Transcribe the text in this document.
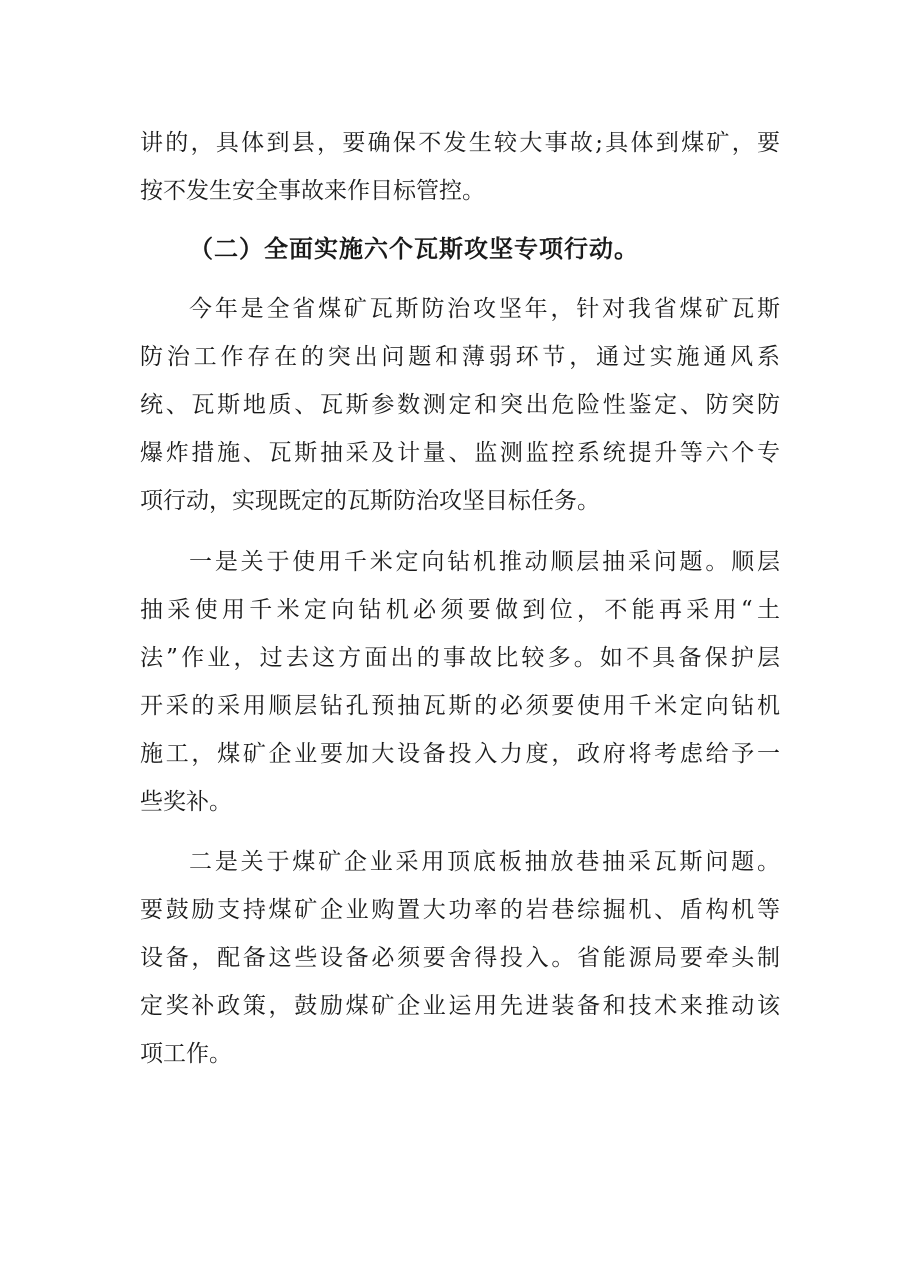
讲的，具体到县，要确保不发生较大事故;具体到煤矿，要
按不发生安全事故来作目标管控。
（二）全面实施六个瓦斯攻坚专项行动。
今年是全省煤矿瓦斯防治攻坚年，针对我省煤矿瓦斯
防治工作存在的突出问题和薄弱环节，通过实施通风系
统、瓦斯地质、瓦斯参数测定和突出危险性鉴定、防突防
爆炸措施、瓦斯抽采及计量、监测监控系统提升等六个专
项行动，实现既定的瓦斯防治攻坚目标任务。
一是关于使用千米定向钻机推动顺层抽采问题。顺层
抽采使用千米定向钻机必须要做到位，不能再采用“土
法”作业，过去这方面出的事故比较多。如不具备保护层
开采的采用顺层钻孔预抽瓦斯的必须要使用千米定向钻机
施工，煤矿企业要加大设备投入力度，政府将考虑给予一
些奖补。
二是关于煤矿企业采用顶底板抽放巷抽采瓦斯问题。
要鼓励支持煤矿企业购置大功率的岩巷综掘机、盾构机等
设备，配备这些设备必须要舍得投入。省能源局要牵头制
定奖补政策，鼓励煤矿企业运用先进装备和技术来推动该
项工作。
